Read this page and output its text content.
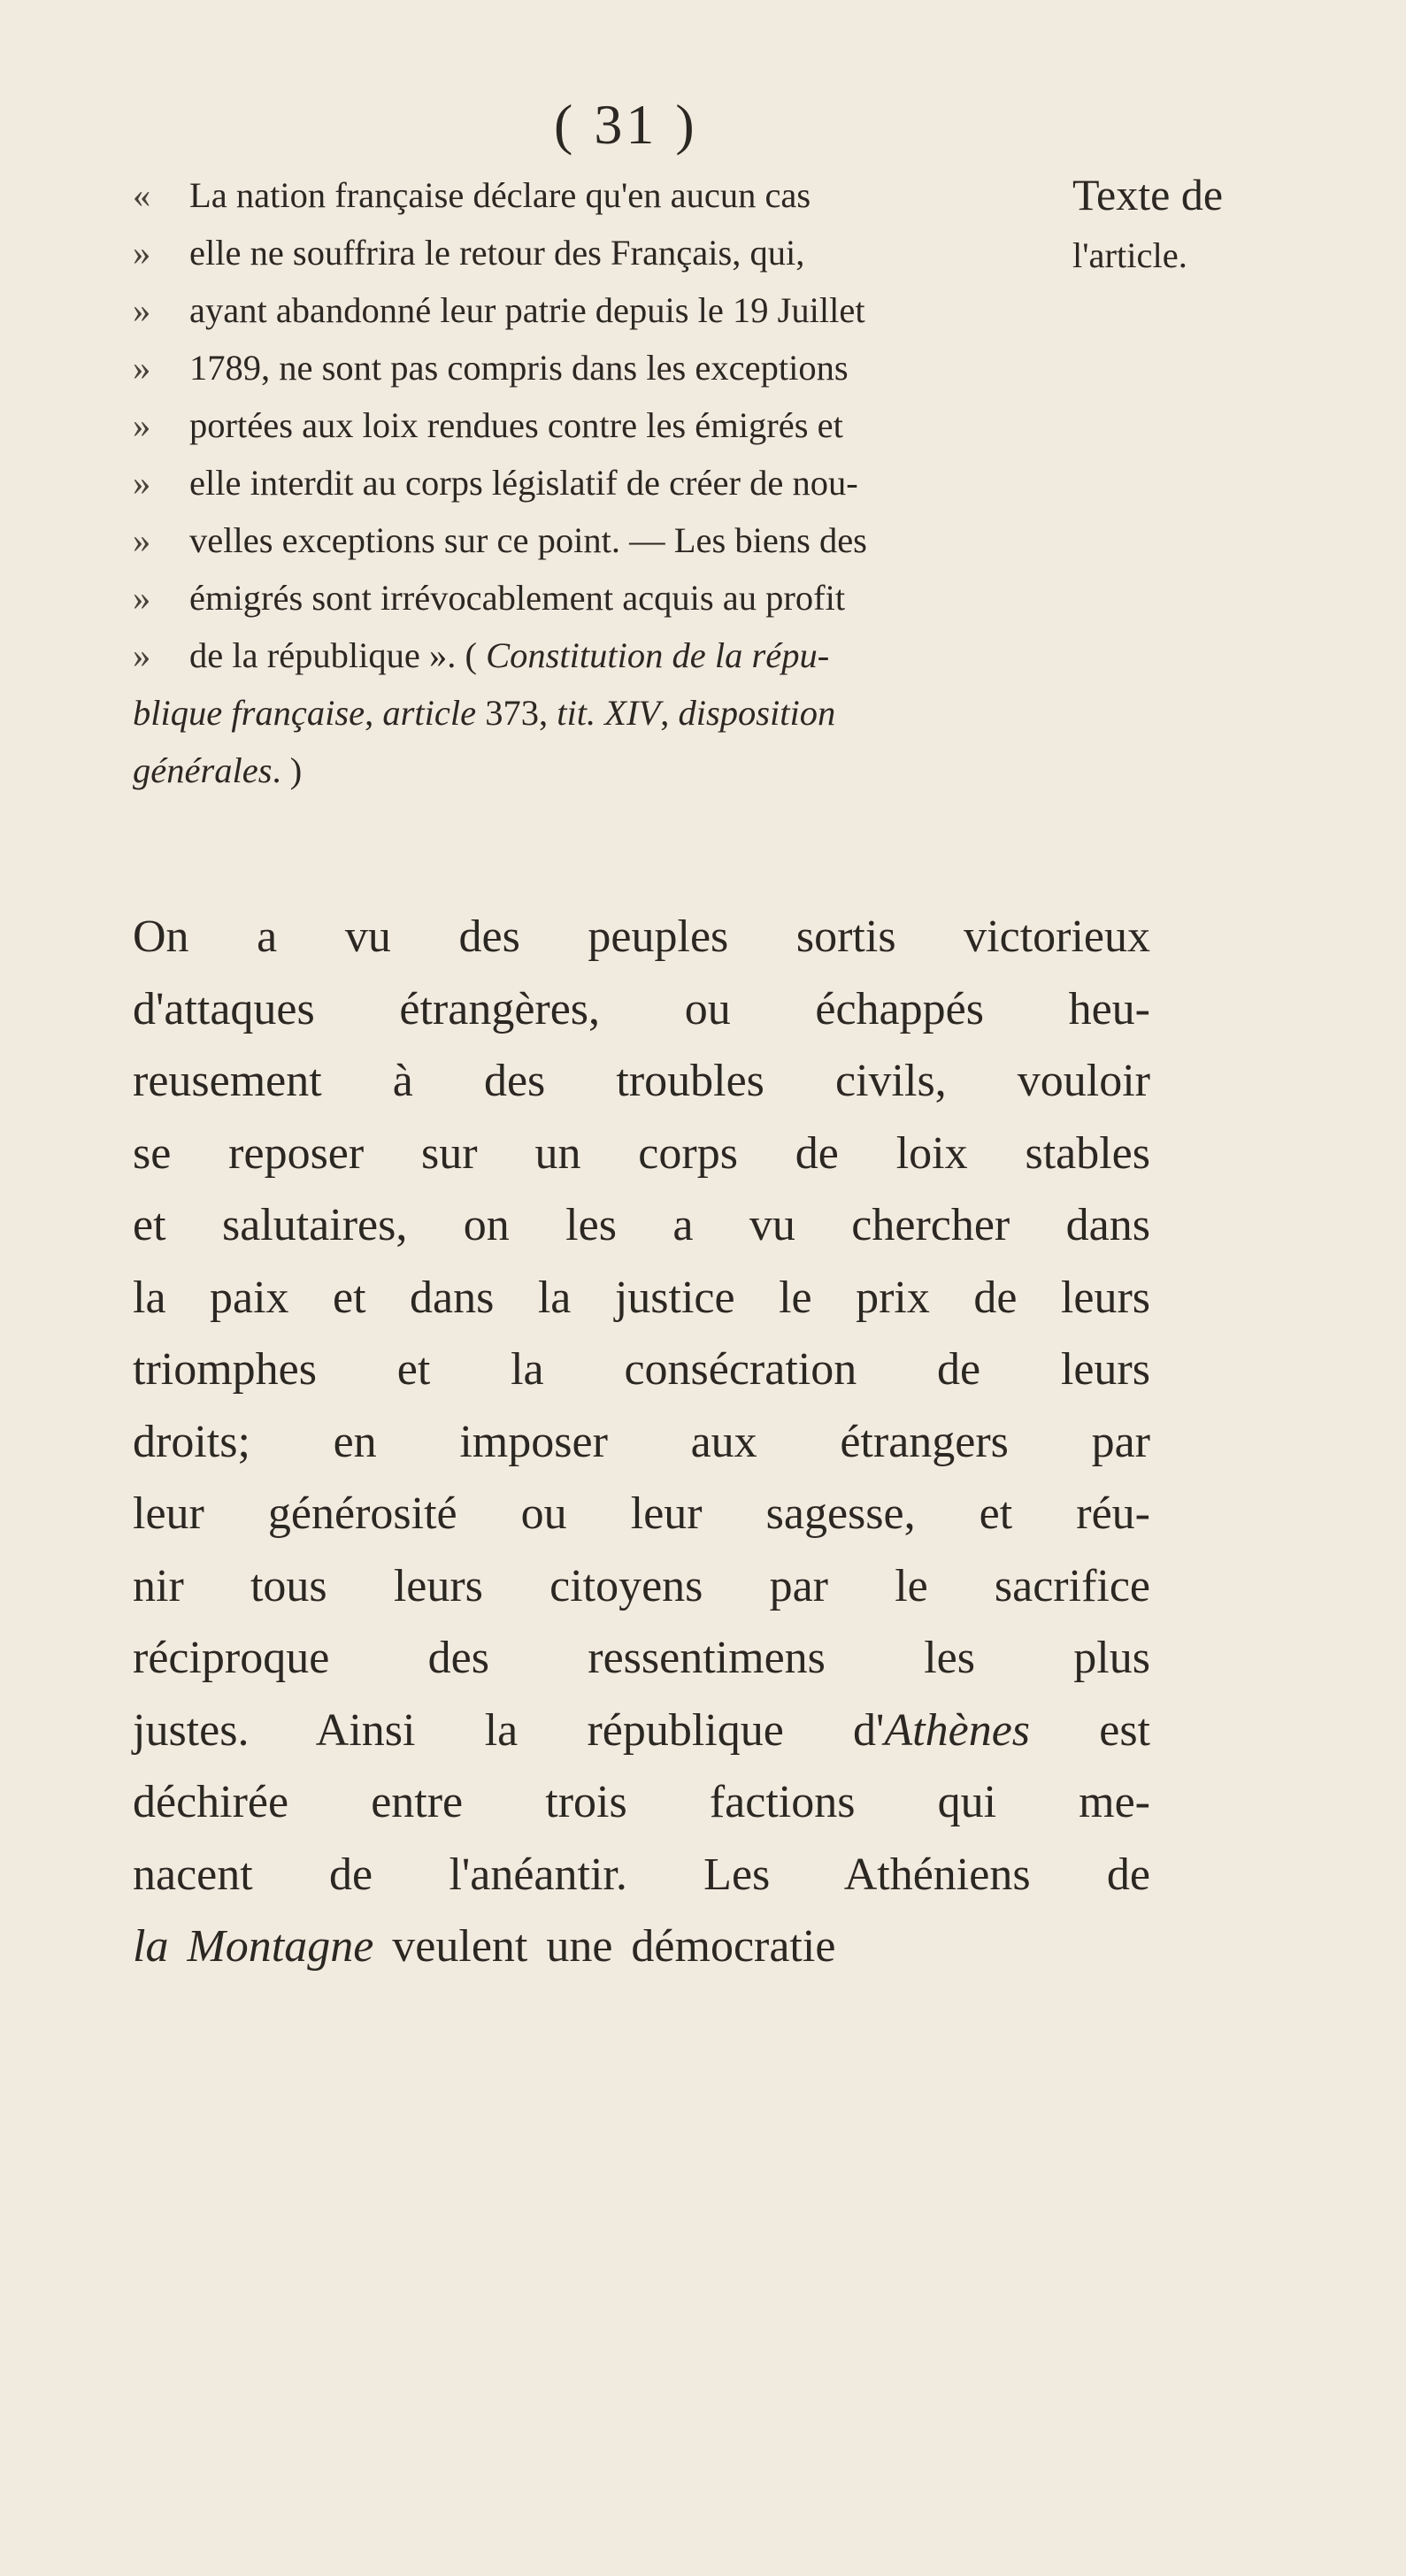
( 31 )
Texte de
l'article.
« La nation française déclare qu'en aucun cas
» elle ne souffrira le retour des Français, qui,
» ayant abandonné leur patrie depuis le 19 Juillet
» 1789, ne sont pas compris dans les exceptions
» portées aux loix rendues contre les émigrés et
» elle interdit au corps législatif de créer de nou-
» velles exceptions sur ce point. — Les biens des
» émigrés sont irrévocablement acquis au profit
» de la république ». ( Constitution de la répu-
blique française, article 373, tit. XIV, disposition
générales. )
On a vu des peuples sortis victorieux
d'attaques étrangères, ou échappés heu-
reusement à des troubles civils, vouloir
se reposer sur un corps de loix stables
et salutaires, on les a vu chercher dans
la paix et dans la justice le prix de leurs
triomphes et la consécration de leurs
droits; en imposer aux étrangers par
leur générosité ou leur sagesse, et réu-
nir tous leurs citoyens par le sacrifice
réciproque des ressentimens les plus
justes. Ainsi la république d'Athènes est
déchirée entre trois factions qui me-
nacent de l'anéantir. Les Athéniens de
la Montagne veulent une démocratie
